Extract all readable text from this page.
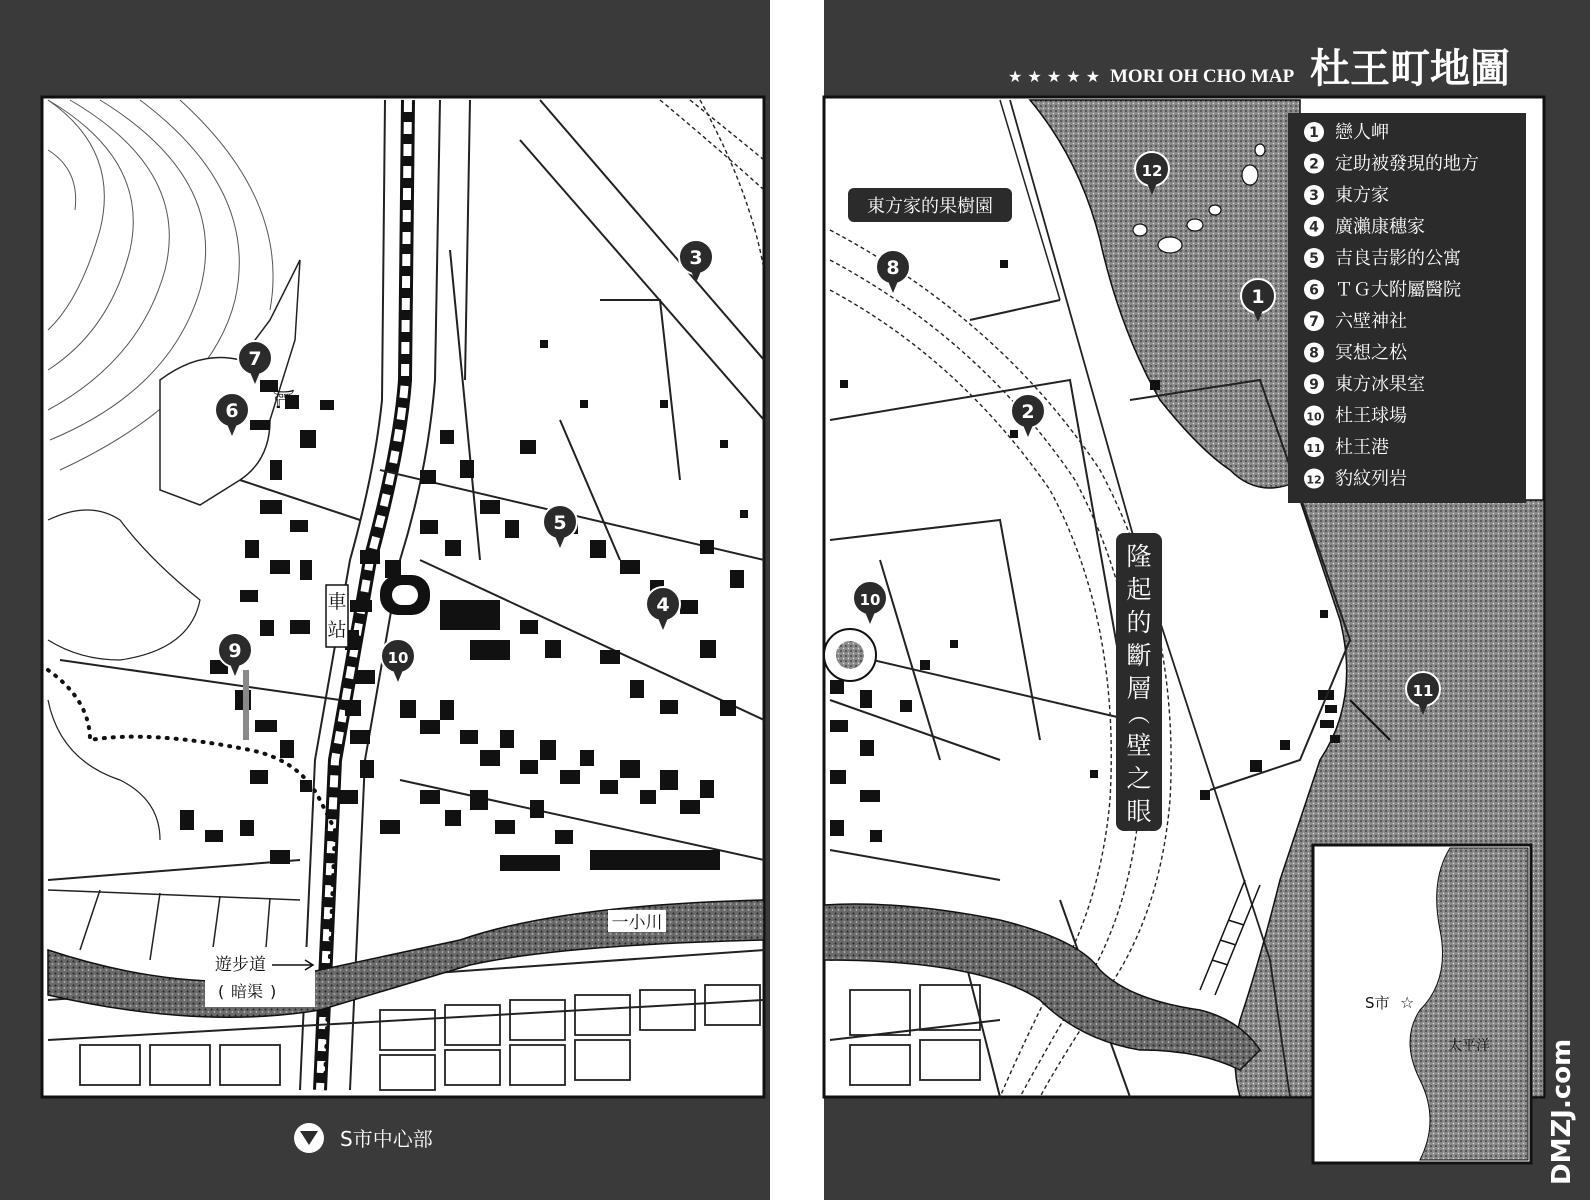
⛩
★ ★ ★ ★ ★ MORI OH CHO MAP 杜王町地圖
1 戀人岬
2 定助被發現的地方
3 東方家
4 廣瀨康穗家
5 吉良吉影的公寓
6 ＴＧ大附屬醫院
7 六壁神社
8 冥想之松
9 東方冰果室
10 杜王球場
11 杜王港
12 豹紋列岩
1
2
3
4
5
6
7
8
9	10
10
11
12
東方家的果樹園
隆起的斷層
︵
壁之眼
︶
車站
一小川
遊步道
( 暗渠 )
S市中心部
S市 ☆
太平洋 DMZJ.com
